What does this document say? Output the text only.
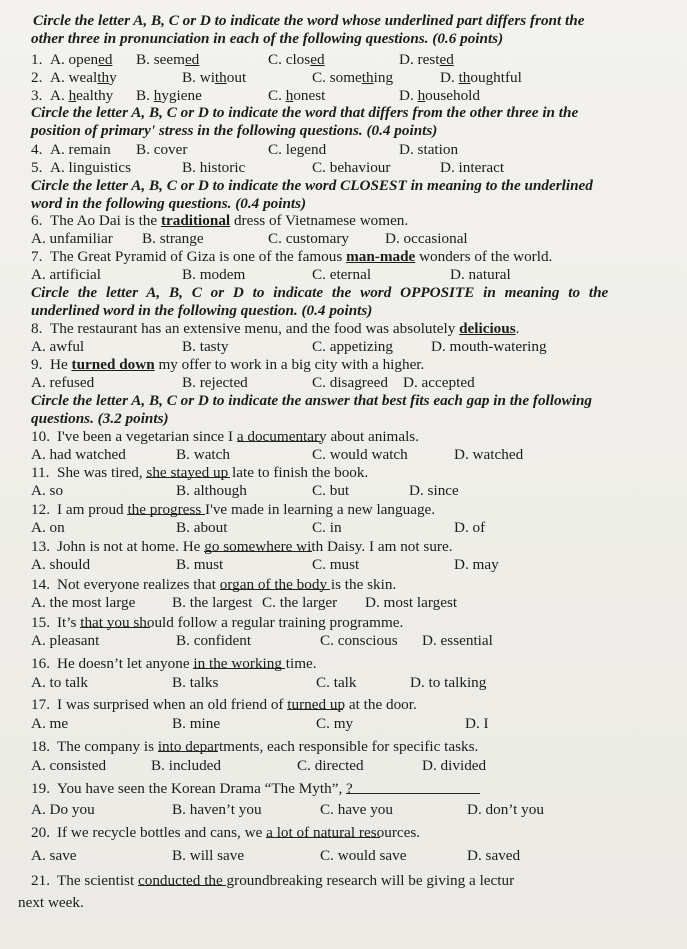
Circle the letter A, B, C or D to indicate the word whose underlined part differs front the
other three in pronunciation in each of the following questions. (0.6 points)
1. A. opened B. seemed	C. closed	D. rested
2. A. wealthy	B. without	C. something	D. thoughtful
3. A. healthy B. hygiene	C. honest	D. household
Circle the letter A, B, C or D to indicate the word that differs from the other three in the
position of primary' stress in the following questions. (0.4 points)
4. A. remain B. cover	C. legend	D. station
5. A. linguistics	B. historic	C. behaviour	D. interact
Circle the letter A, B, C or D to indicate the word CLOSEST in meaning to the underlined
word in the following questions. (0.4 points)
6. The Ao Dai is the traditional dress of Vietnamese women.
A. unfamiliar B. strange	C. customary D. occasional
7. The Great Pyramid of Giza is one of the famous man-made wonders of the world.
A. artificial	B. modem	C. eternal	D. natural
Circle the letter A, B, C or D to indicate the word OPPOSITE in meaning to the
underlined word in the following question. (0.4 points)
8. The restaurant has an extensive menu, and the food was absolutely delicious.
A. awful	B. tasty	C. appetizing	D. mouth-watering
9. He turned down my offer to work in a big city with a higher.
A. refused	B. rejected	C. disagreed D. accepted
Circle the letter A, B, C or D to indicate the answer that best fits each gap in the following
questions. (3.2 points)
10. I've been a vegetarian since I
a documentary about animals.
A. had watched	B. watch	C. would watch	D. watched
11. She was tired,
she stayed up late to finish the book.
A. so	B. although	C. but	D. since
12. I am proud
the progress I've made in learning a new language.
A. on	B. about	C. in	D. of
13. John is not at home. He
go somewhere with Daisy. I am not sure.
A. should	B. must	C. must	D. may
14. Not everyone realizes that
organ of the body is the skin.
A. the most large B. the largest C. the larger D. most largest
15. It’s
that you should follow a regular training programme.
A. pleasant	B. confident	C. conscious D. essential
16. He doesn’t let anyone
in the working time.
A. to talk	B. talks	C. talk	D. to talking
17. I was surprised when an old friend of
turned up at the door.
A. me	B. mine	C. my	D. I
18. The company is
into departments, each responsible for specific tasks.
A. consisted	B. included	C. directed	D. divided
19. You have seen the Korean Drama “The Myth”,
?
A. Do you	B. haven’t you	C. have you	D. don’t you
20. If we recycle bottles and cans, we
a lot of natural resources.
A. save	B. will save	C. would save	D. saved
21. The scientist
conducted the groundbreaking research will be giving a lectur
next week.
